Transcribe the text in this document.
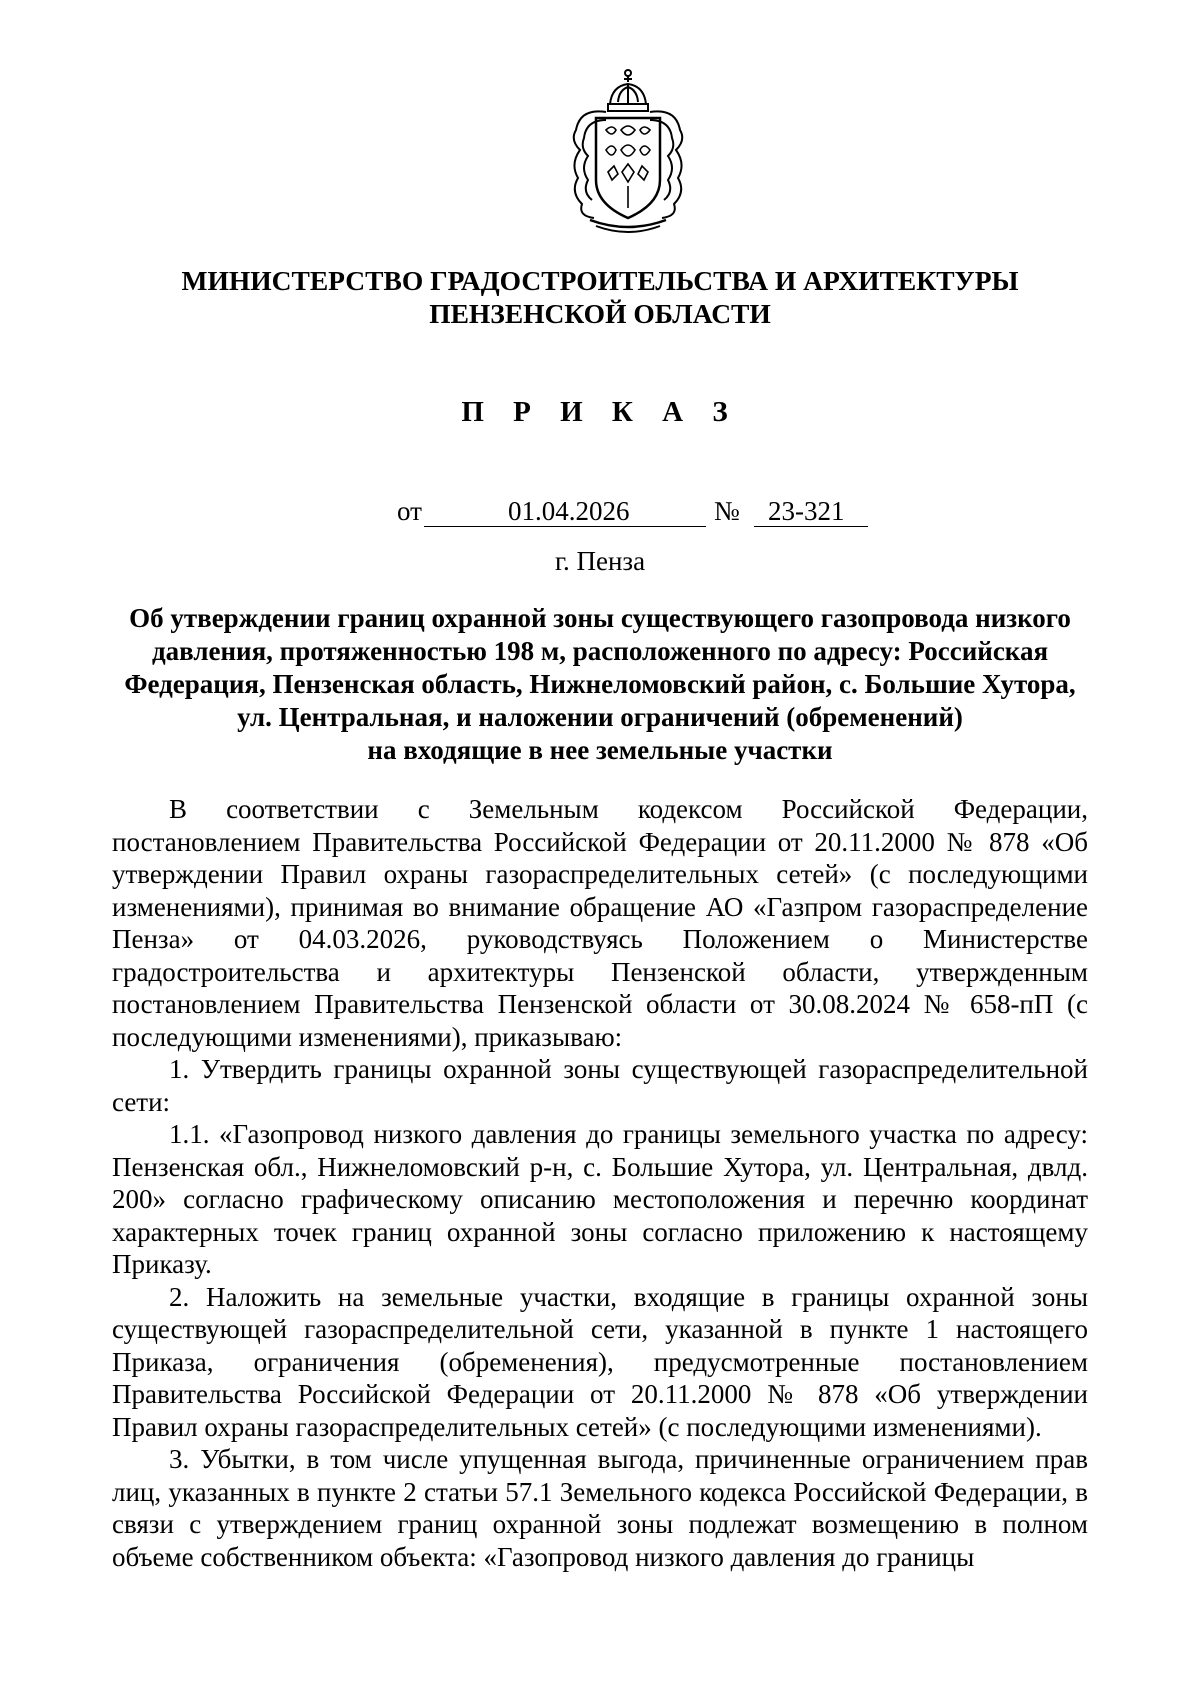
МИНИСТЕРСТВО ГРАДОСТРОИТЕЛЬСТВА И АРХИТЕКТУРЫ
ПЕНЗЕНСКОЙ ОБЛАСТИ
П Р И К А З
от	01.04.2026	№ 23-321
г. Пенза
Об утверждении границ охранной зоны существующего газопровода низкого
давления, протяженностью 198 м, расположенного по адресу: Российская
Федерация, Пензенская область, Нижнеломовский район, с. Большие Хутора,
ул. Центральная, и наложении ограничений (обременений)
на входящие в нее земельные участки

В соответствии с Земельным кодексом Российской Федерации, постановлением Правительства Российской Федерации от 20.11.2000 № 878 «Об утверждении Правил охраны газораспределительных сетей» (с последующими изменениями), принимая во внимание обращение АО «Газпром газораспределение Пенза» от 04.03.2026, руководствуясь Положением о Министерстве градостроительства и архитектуры Пензенской области, утвержденным постановлением Правительства Пензенской области от 30.08.2024 № 658-пП (с последующими изменениями), приказываю:

1. Утвердить границы охранной зоны существующей газораспределительной сети:

1.1. «Газопровод низкого давления до границы земельного участка по адресу: Пензенская обл., Нижнеломовский р-н, с. Большие Хутора, ул. Центральная, двлд. 200» согласно графическому описанию местоположения и перечню координат характерных точек границ охранной зоны согласно приложению к настоящему Приказу.

2. Наложить на земельные участки, входящие в границы охранной зоны существующей газораспределительной сети, указанной в пункте 1 настоящего Приказа, ограничения (обременения), предусмотренные постановлением Правительства Российской Федерации от 20.11.2000 № 878 «Об утверждении Правил охраны газораспределительных сетей» (с последующими изменениями).

3. Убытки, в том числе упущенная выгода, причиненные ограничением прав лиц, указанных в пункте 2 статьи 57.1 Земельного кодекса Российской Федерации, в связи с утверждением границ охранной зоны подлежат возмещению в полном объеме собственником объекта: «Газопровод низкого давления до границы
